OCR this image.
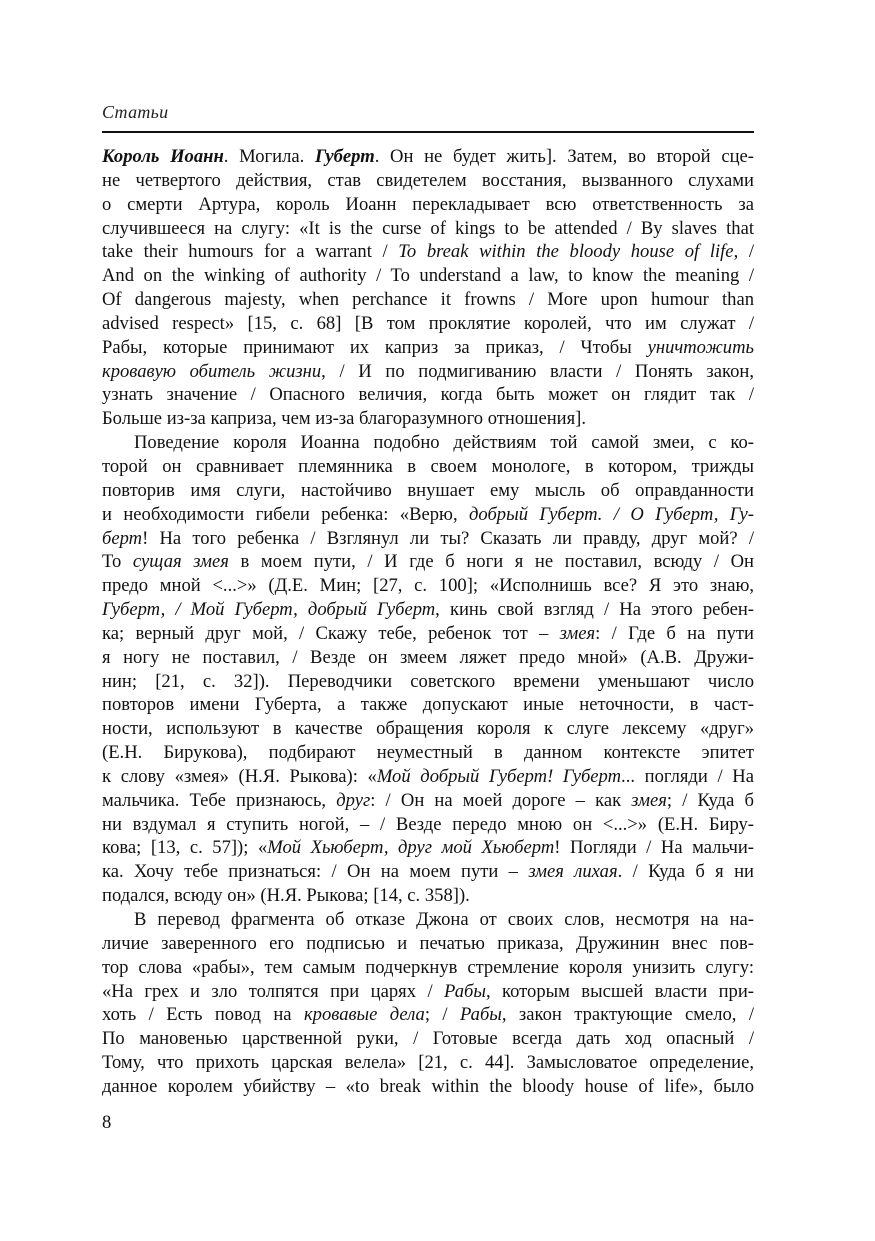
Статьи
Король Иоанн. Могила. Губерт. Он не будет жить]. Затем, во второй сце-
не четвертого действия, став свидетелем восстания, вызванного слухами
о смерти Артура, король Иоанн перекладывает всю ответственность за
случившееся на слугу: «It is the curse of kings to be attended / By slaves that
take their humours for a warrant / To break within the bloody house of life, /
And on the winking of authority / To understand a law, to know the meaning /
Of dangerous majesty, when perchance it frowns / More upon humour than
advised respect» [15, с. 68] [В том проклятие королей, что им служат /
Рабы, которые принимают их каприз за приказ, / Чтобы уничтожить
кровавую обитель жизни, / И по подмигиванию власти / Понять закон,
узнать значение / Опасного величия, когда быть может он глядит так /
Больше из-за каприза, чем из-за благоразумного отношения].
Поведение короля Иоанна подобно действиям той самой змеи, с ко-
торой он сравнивает племянника в своем монологе, в котором, трижды
повторив имя слуги, настойчиво внушает ему мысль об оправданности
и необходимости гибели ребенка: «Верю, добрый Губерт. / О Губерт, Гу-
берт! На того ребенка / Взглянул ли ты? Сказать ли правду, друг мой? /
То сущая змея в моем пути, / И где б ноги я не поставил, всюду / Он
предо мной <...>» (Д.Е. Мин; [27, с. 100]; «Исполнишь все? Я это знаю,
Губерт, / Мой Губерт, добрый Губерт, кинь свой взгляд / На этого ребен-
ка; верный друг мой, / Скажу тебе, ребенок тот – змея: / Где б на пути
я ногу не поставил, / Везде он змеем ляжет предо мной» (А.В. Дружи-
нин; [21, с. 32]). Переводчики советского времени уменьшают число
повторов имени Губерта, а также допускают иные неточности, в част-
ности, используют в качестве обращения короля к слуге лексему «друг»
(Е.Н. Бирукова), подбирают неуместный в данном контексте эпитет
к слову «змея» (Н.Я. Рыкова): «Мой добрый Губерт! Губерт... погляди / На
мальчика. Тебе признаюсь, друг: / Он на моей дороге – как змея; / Куда б
ни вздумал я ступить ногой, – / Везде передо мною он <...>» (Е.Н. Биру-
кова; [13, с. 57]); «Мой Хьюберт, друг мой Хьюберт! Погляди / На мальчи-
ка. Хочу тебе признаться: / Он на моем пути – змея лихая. / Куда б я ни
подался, всюду он» (Н.Я. Рыкова; [14, с. 358]).
В перевод фрагмента об отказе Джона от своих слов, несмотря на на-
личие заверенного его подписью и печатью приказа, Дружинин внес пов-
тор слова «рабы», тем самым подчеркнув стремление короля унизить слугу:
«На грех и зло толпятся при царях / Рабы, которым высшей власти при-
хоть / Есть повод на кровавые дела; / Рабы, закон трактующие смело, /
По мановенью царственной руки, / Готовые всегда дать ход опасный /
Тому, что прихоть царская велела» [21, с. 44]. Замысловатое определение,
данное королем убийству – «to break within the bloody house of life», было
8
